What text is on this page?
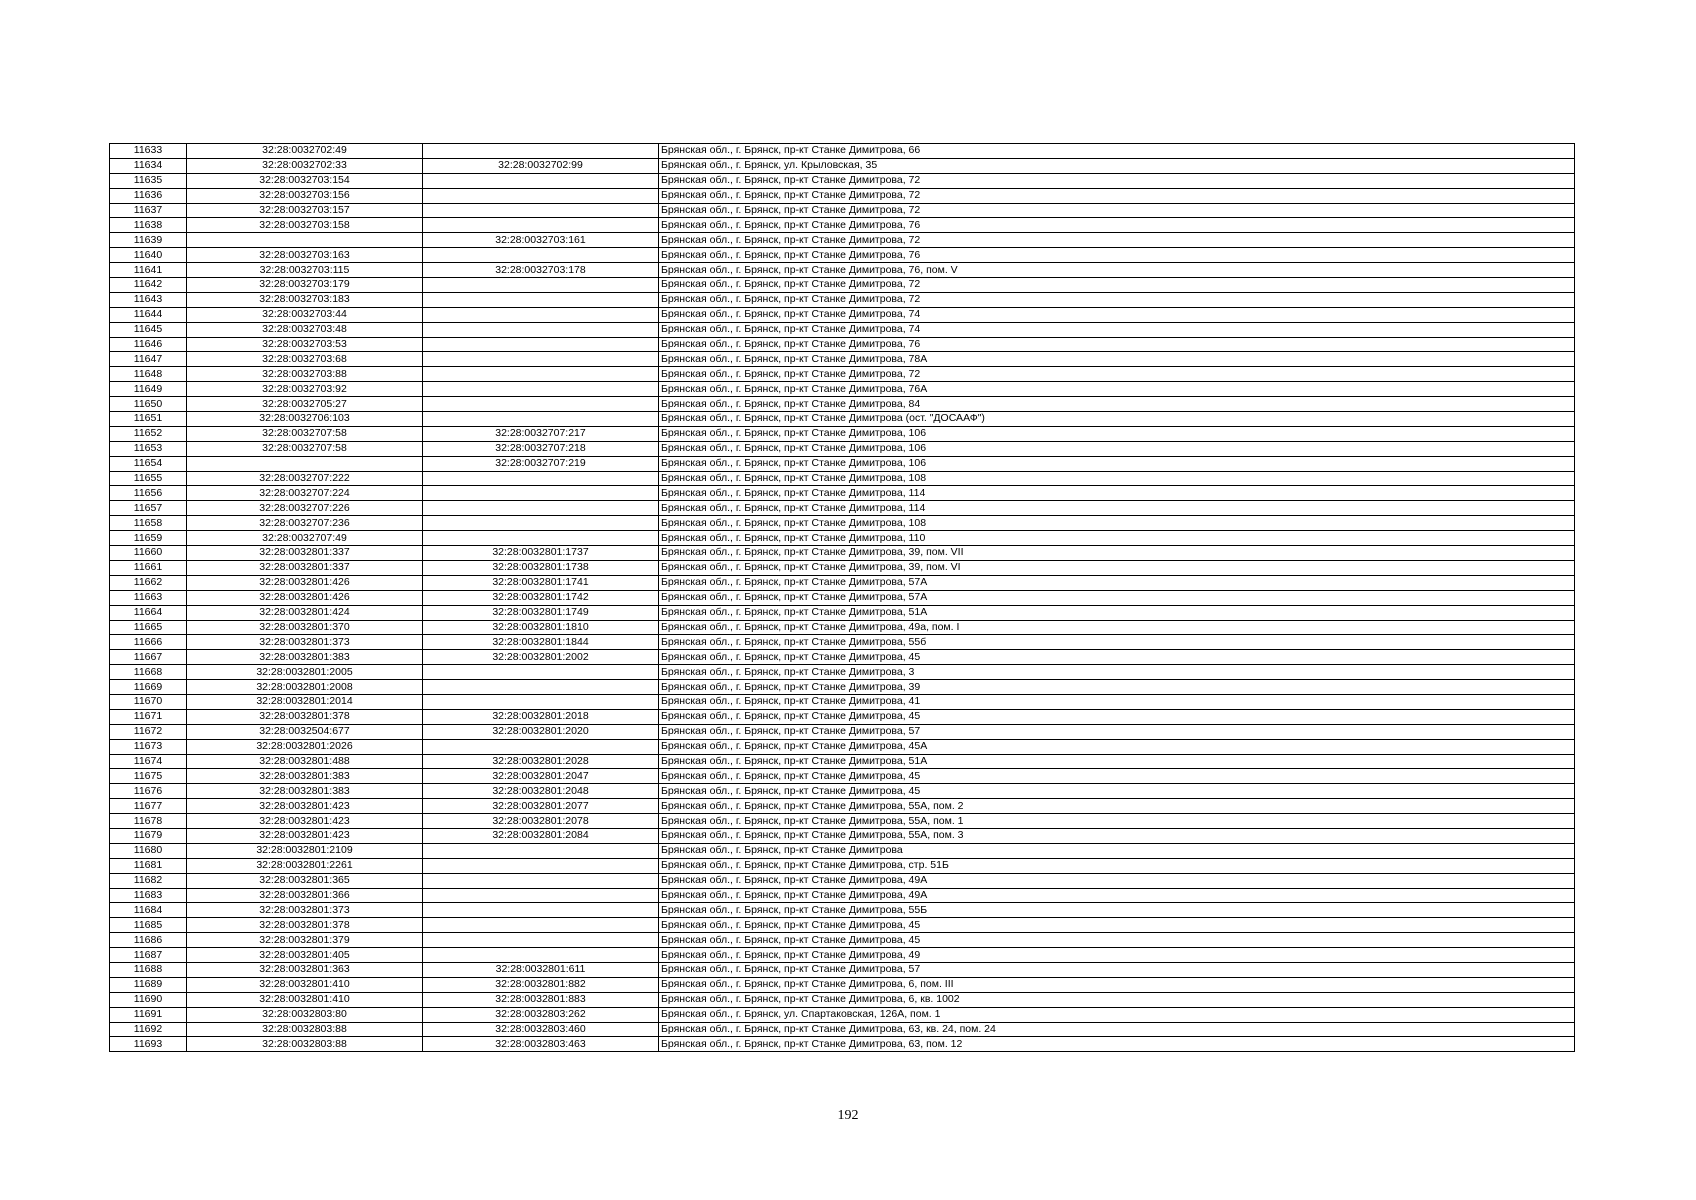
11633	32:28:0032702:49		Брянская обл., г. Брянск, пр-кт Станке Димитрова, 66
11634	32:28:0032702:33	32:28:0032702:99	Брянская обл., г. Брянск, ул. Крыловская, 35
11635	32:28:0032703:154		Брянская обл., г. Брянск, пр-кт Станке Димитрова, 72
11636	32:28:0032703:156		Брянская обл., г. Брянск, пр-кт Станке Димитрова, 72
11637	32:28:0032703:157		Брянская обл., г. Брянск, пр-кт Станке Димитрова, 72
11638	32:28:0032703:158		Брянская обл., г. Брянск, пр-кт Станке Димитрова, 76
11639		32:28:0032703:161	Брянская обл., г. Брянск, пр-кт Станке Димитрова, 72
11640	32:28:0032703:163		Брянская обл., г. Брянск, пр-кт Станке Димитрова, 76
11641	32:28:0032703:115	32:28:0032703:178	Брянская обл., г. Брянск, пр-кт Станке Димитрова, 76, пом. V
11642	32:28:0032703:179		Брянская обл., г. Брянск, пр-кт Станке Димитрова, 72
11643	32:28:0032703:183		Брянская обл., г. Брянск, пр-кт Станке Димитрова, 72
11644	32:28:0032703:44		Брянская обл., г. Брянск, пр-кт Станке Димитрова, 74
11645	32:28:0032703:48		Брянская обл., г. Брянск, пр-кт Станке Димитрова, 74
11646	32:28:0032703:53		Брянская обл., г. Брянск, пр-кт Станке Димитрова, 76
11647	32:28:0032703:68		Брянская обл., г. Брянск, пр-кт Станке Димитрова, 78А
11648	32:28:0032703:88		Брянская обл., г. Брянск, пр-кт Станке Димитрова, 72
11649	32:28:0032703:92		Брянская обл., г. Брянск, пр-кт Станке Димитрова, 76А
11650	32:28:0032705:27		Брянская обл., г. Брянск, пр-кт Станке Димитрова, 84
11651	32:28:0032706:103		Брянская обл., г. Брянск, пр-кт Станке Димитрова (ост. "ДОСААФ")
11652	32:28:0032707:58	32:28:0032707:217	Брянская обл., г. Брянск, пр-кт Станке Димитрова, 106
11653	32:28:0032707:58	32:28:0032707:218	Брянская обл., г. Брянск, пр-кт Станке Димитрова, 106
11654		32:28:0032707:219	Брянская обл., г. Брянск, пр-кт Станке Димитрова, 106
11655	32:28:0032707:222		Брянская обл., г. Брянск, пр-кт Станке Димитрова, 108
11656	32:28:0032707:224		Брянская обл., г. Брянск, пр-кт Станке Димитрова, 114
11657	32:28:0032707:226		Брянская обл., г. Брянск, пр-кт Станке Димитрова, 114
11658	32:28:0032707:236		Брянская обл., г. Брянск, пр-кт Станке Димитрова, 108
11659	32:28:0032707:49		Брянская обл., г. Брянск, пр-кт Станке Димитрова, 110
11660	32:28:0032801:337	32:28:0032801:1737	Брянская обл., г. Брянск, пр-кт Станке Димитрова, 39, пом. VII
11661	32:28:0032801:337	32:28:0032801:1738	Брянская обл., г. Брянск, пр-кт Станке Димитрова, 39, пом. VI
11662	32:28:0032801:426	32:28:0032801:1741	Брянская обл., г. Брянск, пр-кт Станке Димитрова, 57А
11663	32:28:0032801:426	32:28:0032801:1742	Брянская обл., г. Брянск, пр-кт Станке Димитрова, 57А
11664	32:28:0032801:424	32:28:0032801:1749	Брянская обл., г. Брянск, пр-кт Станке Димитрова, 51А
11665	32:28:0032801:370	32:28:0032801:1810	Брянская обл., г. Брянск, пр-кт Станке Димитрова, 49а, пом. I
11666	32:28:0032801:373	32:28:0032801:1844	Брянская обл., г. Брянск, пр-кт Станке Димитрова, 55б
11667	32:28:0032801:383	32:28:0032801:2002	Брянская обл., г. Брянск, пр-кт Станке Димитрова, 45
11668	32:28:0032801:2005		Брянская обл., г. Брянск, пр-кт Станке Димитрова, 3
11669	32:28:0032801:2008		Брянская обл., г. Брянск, пр-кт Станке Димитрова, 39
11670	32:28:0032801:2014		Брянская обл., г. Брянск, пр-кт Станке Димитрова, 41
11671	32:28:0032801:378	32:28:0032801:2018	Брянская обл., г. Брянск, пр-кт Станке Димитрова, 45
11672	32:28:0032504:677	32:28:0032801:2020	Брянская обл., г. Брянск, пр-кт Станке Димитрова, 57
11673	32:28:0032801:2026		Брянская обл., г. Брянск, пр-кт Станке Димитрова, 45А
11674	32:28:0032801:488	32:28:0032801:2028	Брянская обл., г. Брянск, пр-кт Станке Димитрова, 51А
11675	32:28:0032801:383	32:28:0032801:2047	Брянская обл., г. Брянск, пр-кт Станке Димитрова, 45
11676	32:28:0032801:383	32:28:0032801:2048	Брянская обл., г. Брянск, пр-кт Станке Димитрова, 45
11677	32:28:0032801:423	32:28:0032801:2077	Брянская обл., г. Брянск, пр-кт Станке Димитрова, 55А, пом. 2
11678	32:28:0032801:423	32:28:0032801:2078	Брянская обл., г. Брянск, пр-кт Станке Димитрова, 55А, пом. 1
11679	32:28:0032801:423	32:28:0032801:2084	Брянская обл., г. Брянск, пр-кт Станке Димитрова, 55А, пом. 3
11680	32:28:0032801:2109		Брянская обл., г. Брянск, пр-кт Станке Димитрова
11681	32:28:0032801:2261		Брянская обл., г. Брянск, пр-кт Станке Димитрова, стр. 51Б
11682	32:28:0032801:365		Брянская обл., г. Брянск, пр-кт Станке Димитрова, 49А
11683	32:28:0032801:366		Брянская обл., г. Брянск, пр-кт Станке Димитрова, 49А
11684	32:28:0032801:373		Брянская обл., г. Брянск, пр-кт Станке Димитрова, 55Б
11685	32:28:0032801:378		Брянская обл., г. Брянск, пр-кт Станке Димитрова, 45
11686	32:28:0032801:379		Брянская обл., г. Брянск, пр-кт Станке Димитрова, 45
11687	32:28:0032801:405		Брянская обл., г. Брянск, пр-кт Станке Димитрова, 49
11688	32:28:0032801:363	32:28:0032801:611	Брянская обл., г. Брянск, пр-кт Станке Димитрова, 57
11689	32:28:0032801:410	32:28:0032801:882	Брянская обл., г. Брянск, пр-кт Станке Димитрова, 6, пом. III
11690	32:28:0032801:410	32:28:0032801:883	Брянская обл., г. Брянск, пр-кт Станке Димитрова, 6, кв. 1002
11691	32:28:0032803:80	32:28:0032803:262	Брянская обл., г. Брянск, ул. Спартаковская, 126А, пом. 1
11692	32:28:0032803:88	32:28:0032803:460	Брянская обл., г. Брянск, пр-кт Станке Димитрова, 63, кв. 24, пом. 24
11693	32:28:0032803:88	32:28:0032803:463	Брянская обл., г. Брянск, пр-кт Станке Димитрова, 63, пом. 12
192
